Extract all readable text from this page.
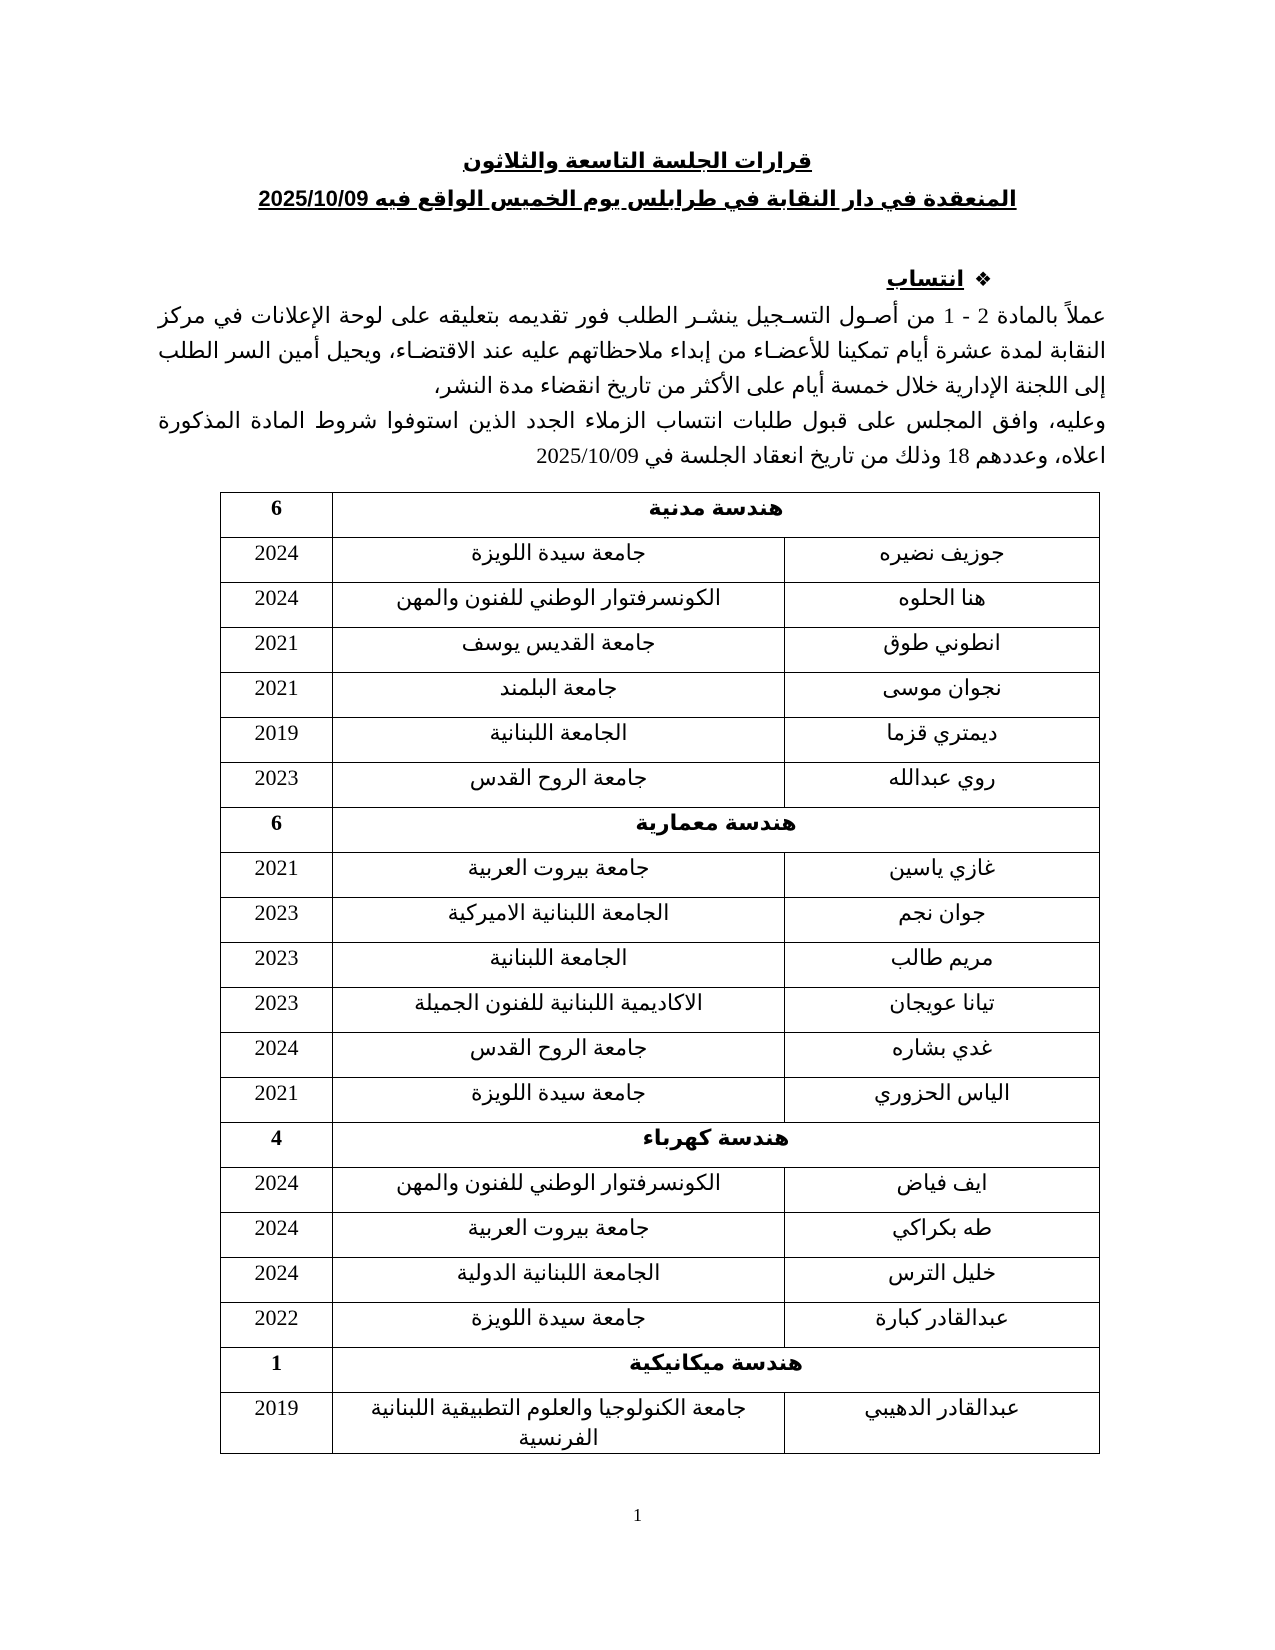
قرارات الجلسة التاسعة والثلاثون
المنعقدة في دار النقابة في طرابلس يوم الخميس الواقع فيه 2025/10/09
❖انتساب

عملاً بالمادة 2 - 1 من أصـول التسـجيل ينشـر الطلب فور تقديمه بتعليقه على لوحة الإعلانات في مركز النقابة لمدة عشرة أيام تمكينا للأعضـاء من إبداء ملاحظاتهم عليه عند الاقتضـاء، ويحيل أمين السر الطلب إلى اللجنة الإدارية خلال خمسة أيام على الأكثر من تاريخ انقضاء مدة النشر،

وعليه، وافق المجلس على قبول طلبات انتساب الزملاء الجدد الذين استوفوا شروط المادة المذكورة اعلاه، وعددهم 18 وذلك من تاريخ انعقاد الجلسة في 2025/10/09

6	هندسة مدنية	
2024	جامعة سيدة اللويزة	جوزيف نضيره
2024	الكونسرفتوار الوطني للفنون والمهن	هنا الحلوه
2021	جامعة القديس يوسف	انطوني طوق
2021	جامعة البلمند	نجوان موسى
2019	الجامعة اللبنانية	ديمتري قزما
2023	جامعة الروح القدس	روي عبدالله
6	هندسة معمارية	
2021	جامعة بيروت العربية	غازي ياسين
2023	الجامعة اللبنانية الاميركية	جوان نجم
2023	الجامعة اللبنانية	مريم طالب
2023	الاكاديمية اللبنانية للفنون الجميلة	تيانا عويجان
2024	جامعة الروح القدس	غدي بشاره
2021	جامعة سيدة اللويزة	الياس الحزوري
4	هندسة كهرباء	
2024	الكونسرفتوار الوطني للفنون والمهن	ايف فياض
2024	جامعة بيروت العربية	طه بكراكي
2024	الجامعة اللبنانية الدولية	خليل الترس
2022	جامعة سيدة اللويزة	عبدالقادر كبارة
1	هندسة ميكانيكية	
2019	جامعة الكنولوجيا والعلوم التطبيقية اللبنانية الفرنسية	عبدالقادر الدهيبي
1
